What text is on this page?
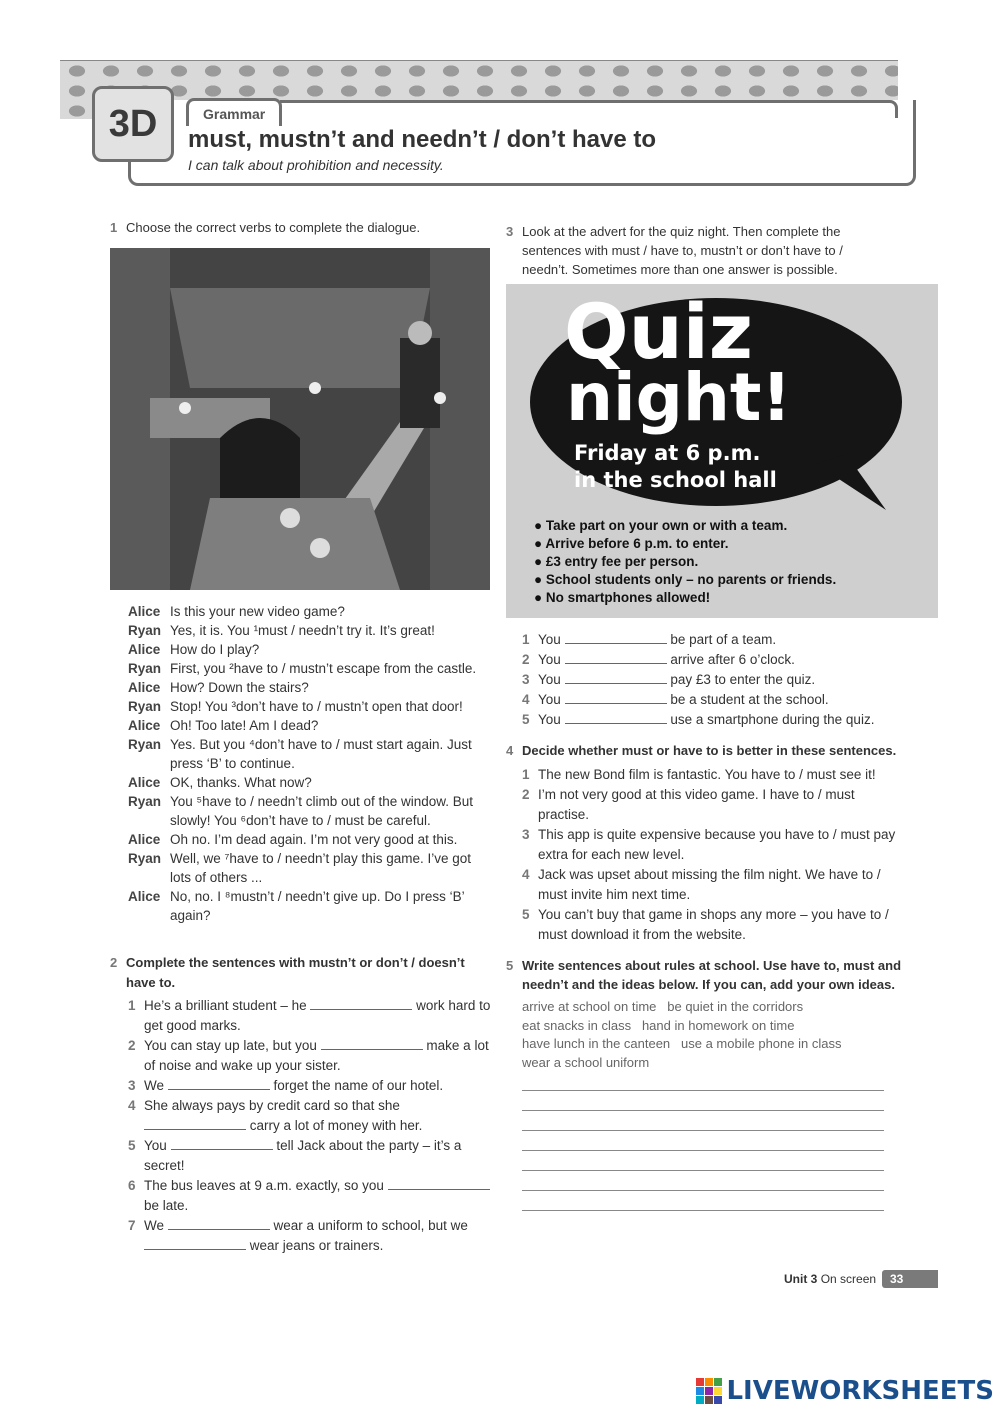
3D	Grammar
must, mustn’t and needn’t / don’t have to
I can talk about prohibition and necessity.
1 Choose the correct verbs to complete the dialogue.
Alice Is this your new video game?
Ryan Yes, it is. You ¹must / needn’t try it. It’s great!
Alice How do I play?
Ryan First, you ²have to / mustn’t escape from the castle.
Alice How? Down the stairs?
Ryan Stop! You ³don’t have to / mustn’t open that door!
Alice Oh! Too late! Am I dead?
Ryan Yes. But you ⁴don’t have to / must start again. Just
press ‘B’ to continue.
Alice OK, thanks. What now?
Ryan You ⁵have to / needn’t climb out of the window. But
slowly! You ⁶don’t have to / must be careful.
Alice Oh no. I’m dead again. I’m not very good at this.
Ryan Well, we ⁷have to / needn’t play this game. I’ve got
lots of others ...
Alice No, no. I ⁸mustn’t / needn’t give up. Do I press ‘B’
again?
2 Complete the sentences with mustn’t or don’t / doesn’t
have to.
1 He’s a brilliant student – he	work hard to
get good marks.
2 You can stay up late, but you	make a lot
of noise and wake up your sister.
3 We	forget the name of our hotel.
4 She always pays by credit card so that she
carry a lot of money with her.
5 You	tell Jack about the party – it’s a
secret!
6 The bus leaves at 9 a.m. exactly, so you
be late.
7 We	wear a uniform to school, but we
wear jeans or trainers.
3 Look at the advert for the quiz night. Then complete the
sentences with must / have to, mustn’t or don’t have to /
needn’t. Sometimes more than one answer is possible.
Quiz
night!
Friday at 6 p.m.
in the school hall
● Take part on your own or with a team.
● Arrive before 6 p.m. to enter.
● £3 entry fee per person.
● School students only – no parents or friends.
● No smartphones allowed!
1 You	be part of a team.
2 You	arrive after 6 o’clock.
3 You	pay £3 to enter the quiz.
4 You	be a student at the school.
5 You	use a smartphone during the quiz.
4 Decide whether must or have to is better in these sentences.
1 The new Bond film is fantastic. You have to / must see it!
2 I’m not very good at this video game. I have to / must
practise.
3 This app is quite expensive because you have to / must pay
extra for each new level.
4 Jack was upset about missing the film night. We have to /
must invite him next time.
5 You can’t buy that game in shops any more – you have to /
must download it from the website.
5 Write sentences about rules at school. Use have to, must and
needn’t and the ideas below. If you can, add your own ideas.
arrive at school on time be quiet in the corridors
eat snacks in class hand in homework on time
have lunch in the canteen use a mobile phone in class
wear a school uniform
Unit 3 On screen	33
LIVEWORKSHEETS
